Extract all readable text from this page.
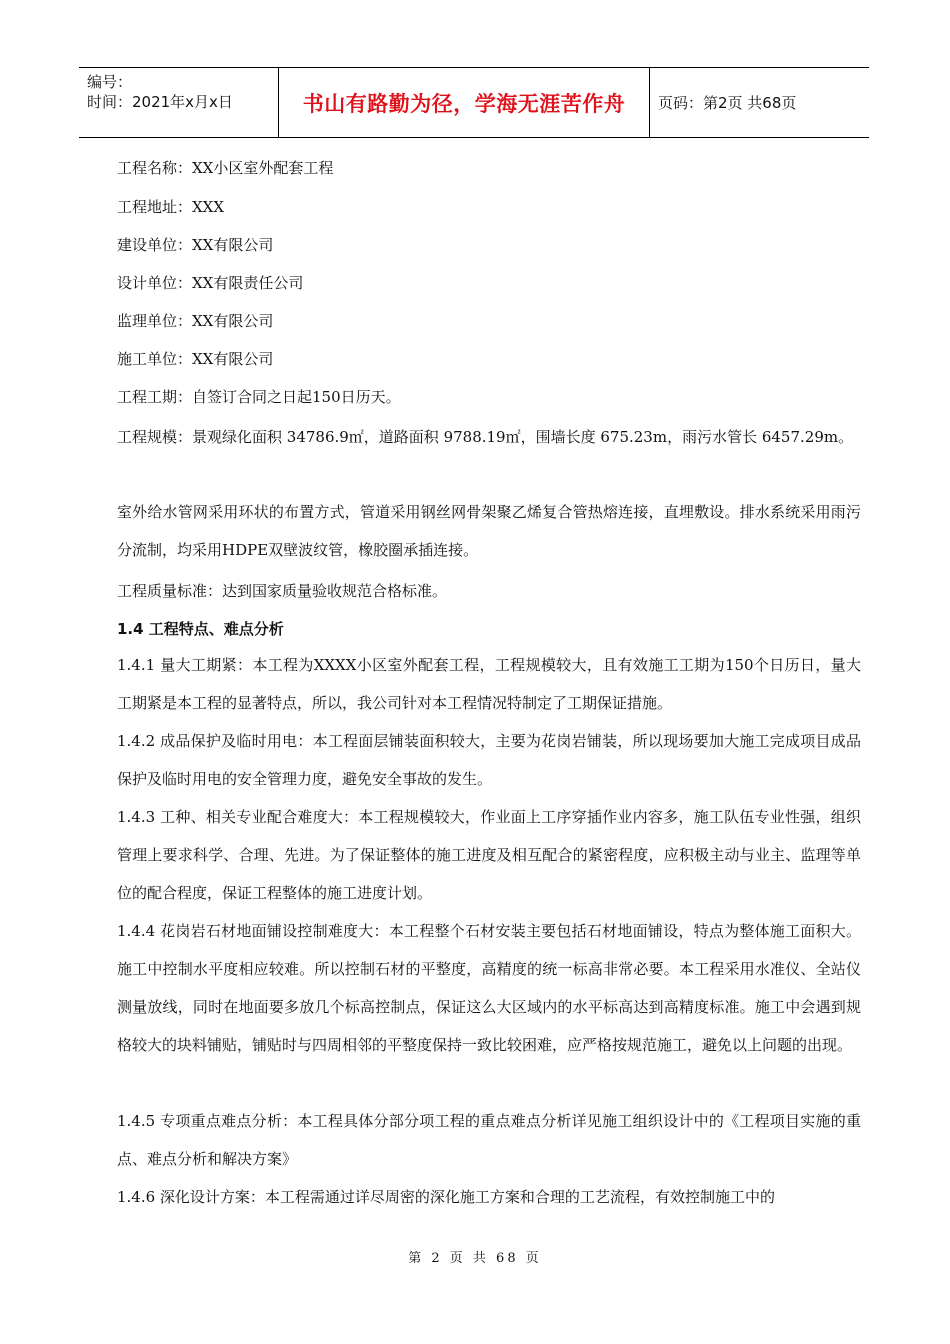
编号：
时间：2021年x月x日	书山有路勤为径，学海无涯苦作舟	页码：第2页 共68页
工程名称：XX小区室外配套工程
工程地址：XXX
建设单位：XX有限公司
设计单位：XX有限责任公司
监理单位：XX有限公司
施工单位：XX有限公司
工程工期：自签订合同之日起150日历天。
工程规模：景观绿化面积 34786.9㎡，道路面积 9788.19㎡，围墙长度 675.23m，雨污水管长 6457.29m。
室外给水管网采用环状的布置方式，管道采用钢丝网骨架聚乙烯复合管热熔连接，直埋敷设。排水系统采用雨污分流制，均采用HDPE双壁波纹管，橡胶圈承插连接。
工程质量标准：达到国家质量验收规范合格标准。
1.4 工程特点、难点分析
1.4.1 量大工期紧：本工程为XXXX小区室外配套工程，工程规模较大，且有效施工工期为150个日历日，量大工期紧是本工程的显著特点，所以，我公司针对本工程情况特制定了工期保证措施。
1.4.2 成品保护及临时用电：本工程面层铺装面积较大，主要为花岗岩铺装，所以现场要加大施工完成项目成品保护及临时用电的安全管理力度，避免安全事故的发生。
1.4.3 工种、相关专业配合难度大：本工程规模较大，作业面上工序穿插作业内容多，施工队伍专业性强，组织管理上要求科学、合理、先进。为了保证整体的施工进度及相互配合的紧密程度，应积极主动与业主、监理等单位的配合程度，保证工程整体的施工进度计划。
1.4.4 花岗岩石材地面铺设控制难度大：本工程整个石材安装主要包括石材地面铺设，特点为整体施工面积大。施工中控制水平度相应较难。所以控制石材的平整度，高精度的统一标高非常必要。本工程采用水准仪、全站仪测量放线，同时在地面要多放几个标高控制点，保证这么大区域内的水平标高达到高精度标准。施工中会遇到规格较大的块料铺贴，铺贴时与四周相邻的平整度保持一致比较困难，应严格按规范施工，避免以上问题的出现。
1.4.5 专项重点难点分析：本工程具体分部分项工程的重点难点分析详见施工组织设计中的《工程项目实施的重点、难点分析和解决方案》
1.4.6 深化设计方案：本工程需通过详尽周密的深化施工方案和合理的工艺流程，有效控制施工中的
第 2 页 共 68 页
